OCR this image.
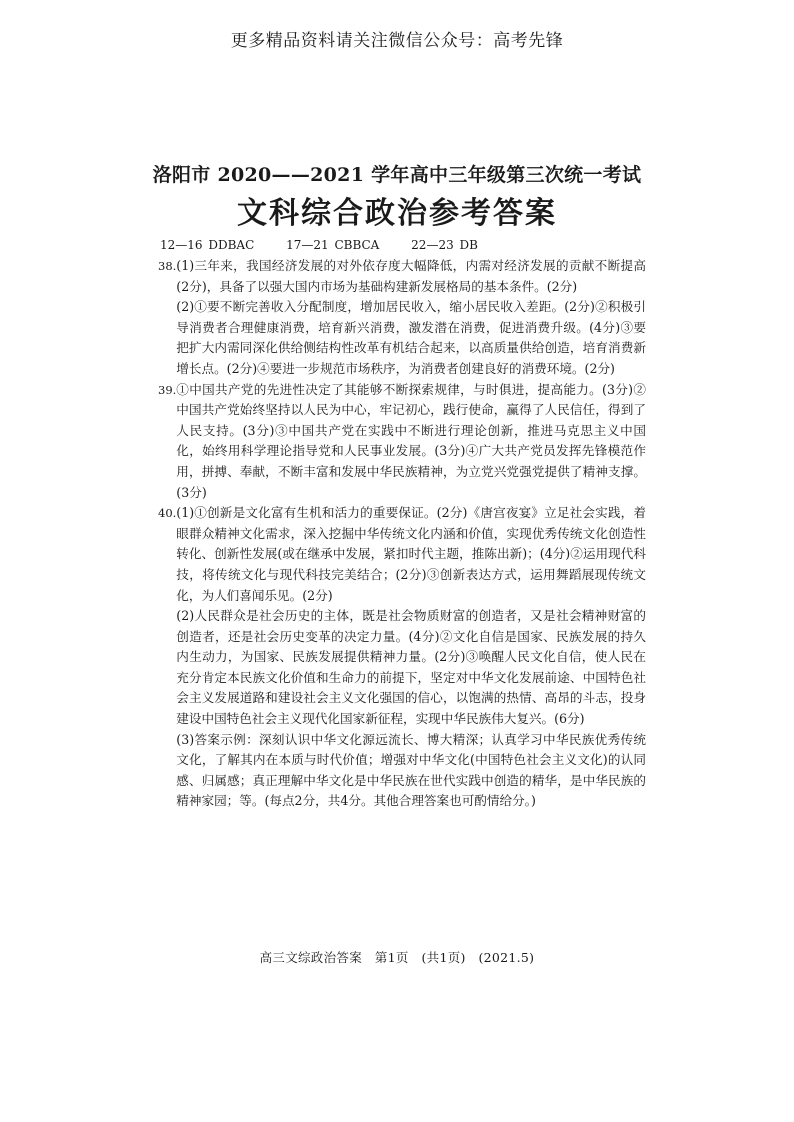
更多精品资料请关注微信公众号：高考先锋
洛阳市 2020——2021 学年高中三年级第三次统一考试
文科综合政治参考答案
12—16 DDBAC	17—21 CBBCA	22—23 DB
38. (1)三年来，我国经济发展的对外依存度大幅降低，内需对经济发展的贡献不断提高(2分)，具备了以强大国内市场为基础构建新发展格局的基本条件。(2分)

(2)①要不断完善收入分配制度，增加居民收入，缩小居民收入差距。(2分)②积极引导消费者合理健康消费，培育新兴消费，激发潜在消费，促进消费升级。(4分)③要把扩大内需同深化供给侧结构性改革有机结合起来，以高质量供给创造，培育消费新增长点。(2分)④要进一步规范市场秩序，为消费者创建良好的消费环境。(2分)

39. ①中国共产党的先进性决定了其能够不断探索规律，与时俱进，提高能力。(3分)②中国共产党始终坚持以人民为中心，牢记初心，践行使命，赢得了人民信任，得到了人民支持。(3分)③中国共产党在实践中不断进行理论创新，推进马克思主义中国化，始终用科学理论指导党和人民事业发展。(3分)④广大共产党员发挥先锋模范作用，拼搏、奉献，不断丰富和发展中华民族精神，为立党兴党强党提供了精神支撑。(3分)

40. (1)①创新是文化富有生机和活力的重要保证。(2分)《唐宫夜宴》立足社会实践，着眼群众精神文化需求，深入挖掘中华传统文化内涵和价值，实现优秀传统文化创造性转化、创新性发展(或在继承中发展，紧扣时代主题，推陈出新)；(4分)②运用现代科技，将传统文化与现代科技完美结合；(2分)③创新表达方式，运用舞蹈展现传统文化，为人们喜闻乐见。(2分)

(2)人民群众是社会历史的主体，既是社会物质财富的创造者，又是社会精神财富的创造者，还是社会历史变革的决定力量。(4分)②文化自信是国家、民族发展的持久内生动力，为国家、民族发展提供精神力量。(2分)③唤醒人民文化自信，使人民在充分肯定本民族文化价值和生命力的前提下，坚定对中华文化发展前途、中国特色社会主义发展道路和建设社会主义文化强国的信心，以饱满的热情、高昂的斗志，投身建设中国特色社会主义现代化国家新征程，实现中华民族伟大复兴。(6分)

(3)答案示例：深刻认识中华文化源远流长、博大精深；认真学习中华民族优秀传统文化，了解其内在本质与时代价值；增强对中华文化(中国特色社会主义文化)的认同感、归属感；真正理解中华文化是中华民族在世代实践中创造的精华，是中华民族的精神家园；等。(每点2分，共4分。其他合理答案也可酌情给分。)

高三文综政治答案　第1页　(共1页)　(2021.5)
